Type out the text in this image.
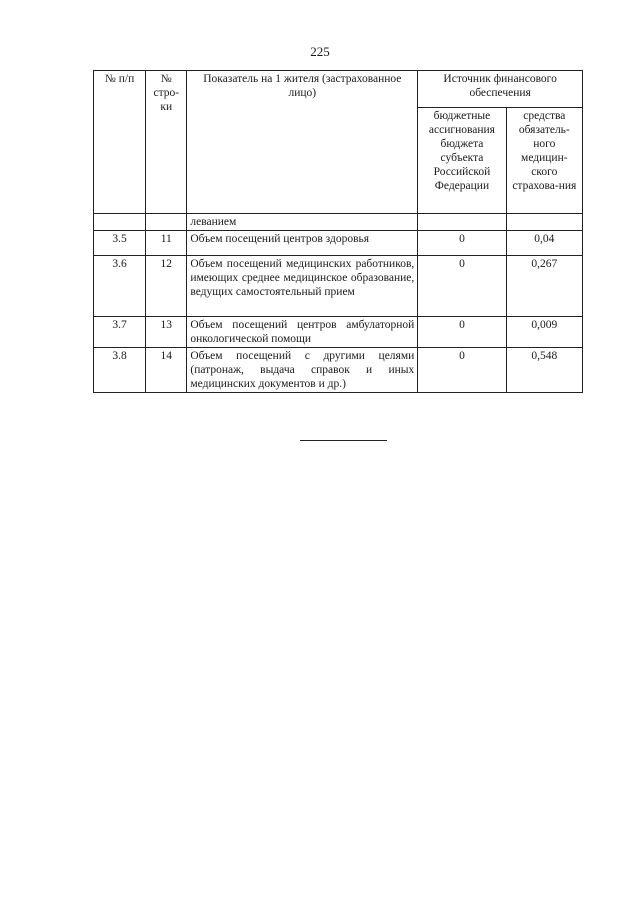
225
№ п/п	№ стро-ки	Показатель на 1 жителя (застрахованное лицо)	Источник финансового обеспечения	
			бюджетные ассигнования бюджета субъекта Российской Федерации	средства обязатель-ного медицин-ского страхова-ния
		леванием		
3.5	11	Объем посещений центров здоровья	0	0,04
3.6	12	Объем посещений медицинских работников, имеющих среднее медицинское образование, ведущих самостоятельный прием	0	0,267
3.7	13	Объем посещений центров амбулаторной онкологической помощи	0	0,009
3.8	14	Объем посещений с другими целями (патронаж, выдача справок и иных медицинских документов и др.)	0	0,548
